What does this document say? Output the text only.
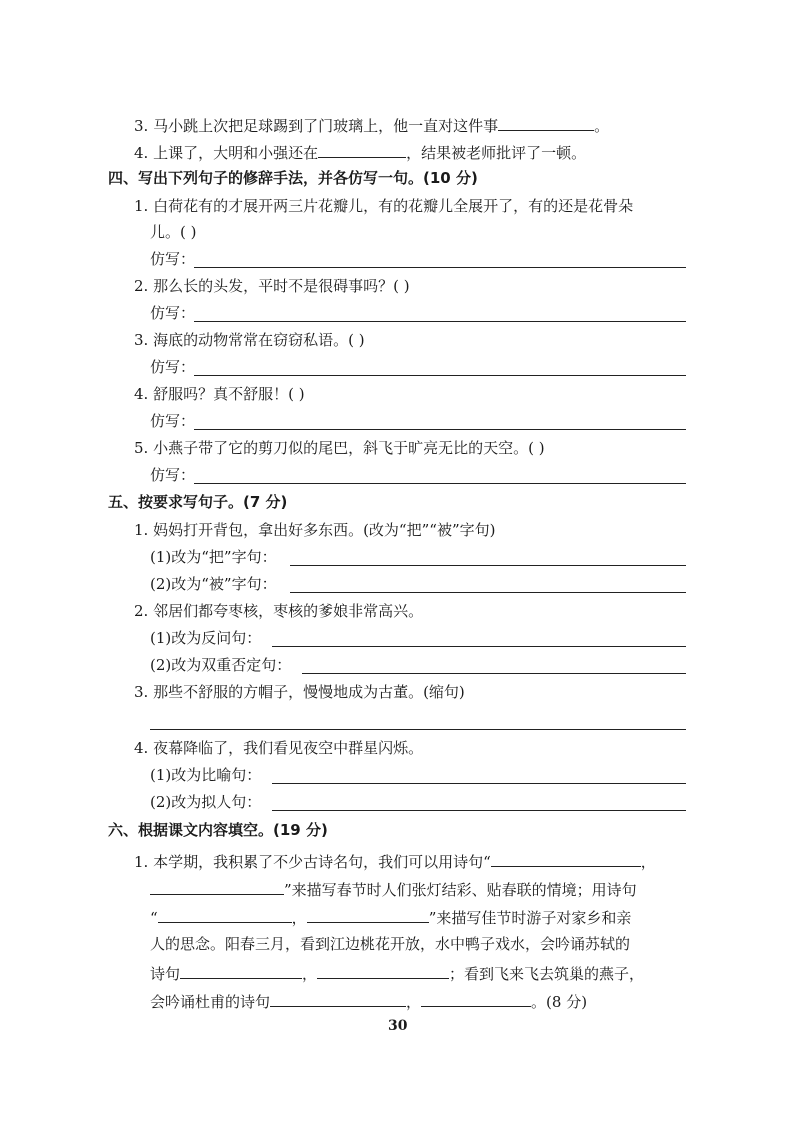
3. 马小跳上次把足球踢到了门玻璃上，他一直对这件事	。
4. 上课了，大明和小强还在	，结果被老师批评了一顿。
四、写出下列句子的修辞手法，并各仿写一句。(10 分)
1. 白荷花有的才展开两三片花瓣儿，有的花瓣儿全展开了，有的还是花骨朵
儿。( )
仿写：
2. 那么长的头发，平时不是很碍事吗？( )
仿写：
3. 海底的动物常常在窃窃私语。( )
仿写：
4. 舒服吗？真不舒服！( )
仿写：
5. 小燕子带了它的剪刀似的尾巴，斜飞于旷亮无比的天空。( )
仿写：
五、按要求写句子。(7 分)
1. 妈妈打开背包，拿出好多东西。(改为“把”“被”字句)
(1)改为“把”字句：
(2)改为“被”字句：
2. 邻居们都夸枣核，枣核的爹娘非常高兴。
(1)改为反问句：
(2)改为双重否定句：
3. 那些不舒服的方帽子，慢慢地成为古董。(缩句)
4. 夜幕降临了，我们看见夜空中群星闪烁。
(1)改为比喻句：
(2)改为拟人句：
六、根据课文内容填空。(19 分)
1. 本学期，我积累了不少古诗名句，我们可以用诗句“	，
”来描写春节时人们张灯结彩、贴春联的情境；用诗句
“	，	”来描写佳节时游子对家乡和亲
人的思念。阳春三月，看到江边桃花开放，水中鸭子戏水，会吟诵苏轼的
诗句	，	；看到飞来飞去筑巢的燕子，
会吟诵杜甫的诗句	，	。(8 分)
30
